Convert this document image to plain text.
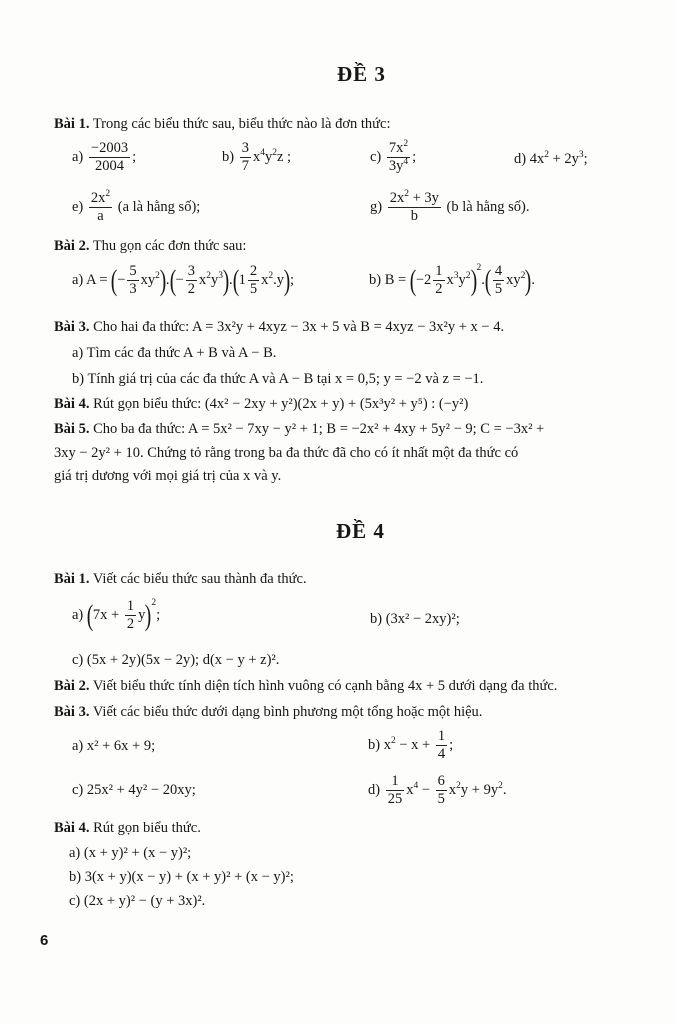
ĐỀ 3
Bài 1. Trong các biểu thức sau, biểu thức nào là đơn thức:
$a) \frac{-2003}{2004}$ ;	$b) \frac{3}{7} x^4y^2z$ ;	$c) \frac{7x^2}{3y^4}$ ;	d) $4x^2 + 2y^3$;
$e) \frac{2x^2}{a} (a$ là hằng số);	$g) \frac{2x^2 + 3y}{b} (b$ là hằng số).
Bài 2. Thu gọn các đơn thức sau:
a) A = (− $\frac{5}{3} xy^2).(- \frac{3}{2} x^2y^3).(1 \frac{2}{5} x^2.y)$;	b) $B = (-2 \frac{1}{2} x^3y^2)^2.( \frac{4}{5} xy^2)$.
Bài 3. Cho hai đa thức: A = 3x²y + 4xyz − 3x + 5 và B = 4xyz − 3x²y + x − 4.
a) Tìm các đa thức A + B và A − B.
b) Tính giá trị của các đa thức A và A − B tại x = 0,5; y = −2 và z = −1.
Bài 4. Rút gọn biểu thức: (4x² − 2xy + y²)(2x + y) + (5x³y² + y⁵) : (−y²)
Bài 5. Cho ba đa thức: A = 5x² − 7xy − y² + 1; B = −2x² + 4xy + 5y² − 9; C = −3x² +
3xy − 2y² + 10. Chứng tỏ rằng trong ba đa thức đã cho có ít nhất một đa thức có
giá trị dương với mọi giá trị của x và y.
ĐỀ 4
Bài 1. Viết các biểu thức sau thành đa thức.
a) $(7x + \frac{1}{2} y)^2$;	b) (3x² − 2xy)²;
c) (5x + 2y)(5x − 2y); d(x − y + z)².
Bài 2. Viết biểu thức tính diện tích hình vuông có cạnh bằng 4x + 5 dưới dạng đa thức.
Bài 3. Viết các biểu thức dưới dạng bình phương một tổng hoặc một hiệu.
a) x² + 6x + 9;	b) $x^2 - x + \frac{1}{4}$ ;
c) 25x² + 4y² − 20xy;	$d) \frac{1}{25} x^4 - \frac{6}{5} x^2y + 9y^2$.
Bài 4. Rút gọn biểu thức.
a) (x + y)² + (x − y)²;
b) 3(x + y)(x − y) + (x + y)² + (x − y)²;
c) (2x + y)² − (y + 3x)².
6
